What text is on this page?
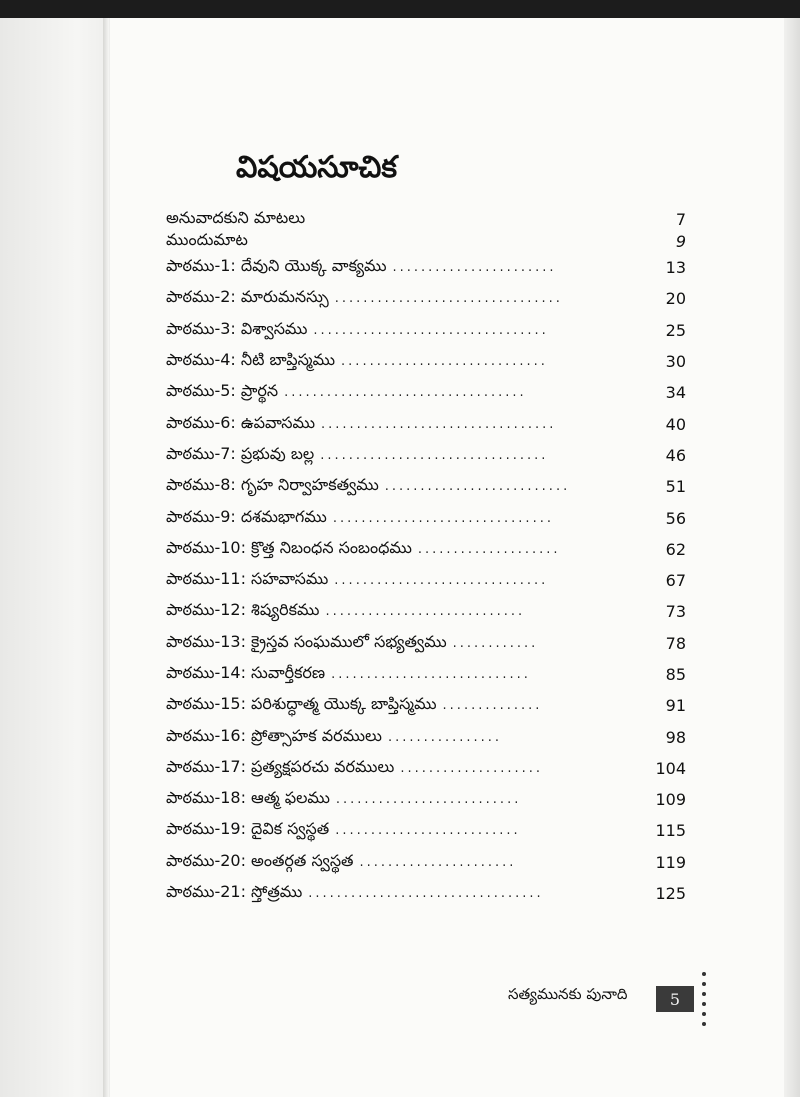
విషయసూచిక
అనువాదకుని మాటలు	7
ముందుమాట	9
పాఠము-1: దేవుని యొక్క వాక్యము .......................	13
పాఠము-2: మారుమనస్సు ................................	20
పాఠము-3: విశ్వాసము .................................	25
పాఠము-4: నీటి బాప్తిస్మము .............................	30
పాఠము-5: ప్రార్థన ..................................	34
పాఠము-6: ఉపవాసము .................................	40
పాఠము-7: ప్రభువు బల్ల ................................	46
పాఠము-8: గృహ నిర్వాహకత్వము ..........................	51
పాఠము-9: దశమభాగము ...............................	56
పాఠము-10: క్రొత్త నిబంధన సంబంధము ....................	62
పాఠము-11: సహవాసము ..............................	67
పాఠము-12: శిష్యరికము ............................	73
పాఠము-13: క్రైస్తవ సంఘములో సభ్యత్వము ............	78
పాఠము-14: సువార్తీకరణ ............................	85
పాఠము-15: పరిశుద్ధాత్మ యొక్క బాప్తిస్మము ..............	91
పాఠము-16: ప్రోత్సాహక వరములు ................	98
పాఠము-17: ప్రత్యక్షపరచు వరములు ....................	104
పాఠము-18: ఆత్మ ఫలము ..........................	109
పాఠము-19: దైవిక స్వస్థత ..........................	115
పాఠము-20: అంతర్గత స్వస్థత ......................	119
పాఠము-21: స్తోత్రము .................................	125
సత్యమునకు పునాది	5
